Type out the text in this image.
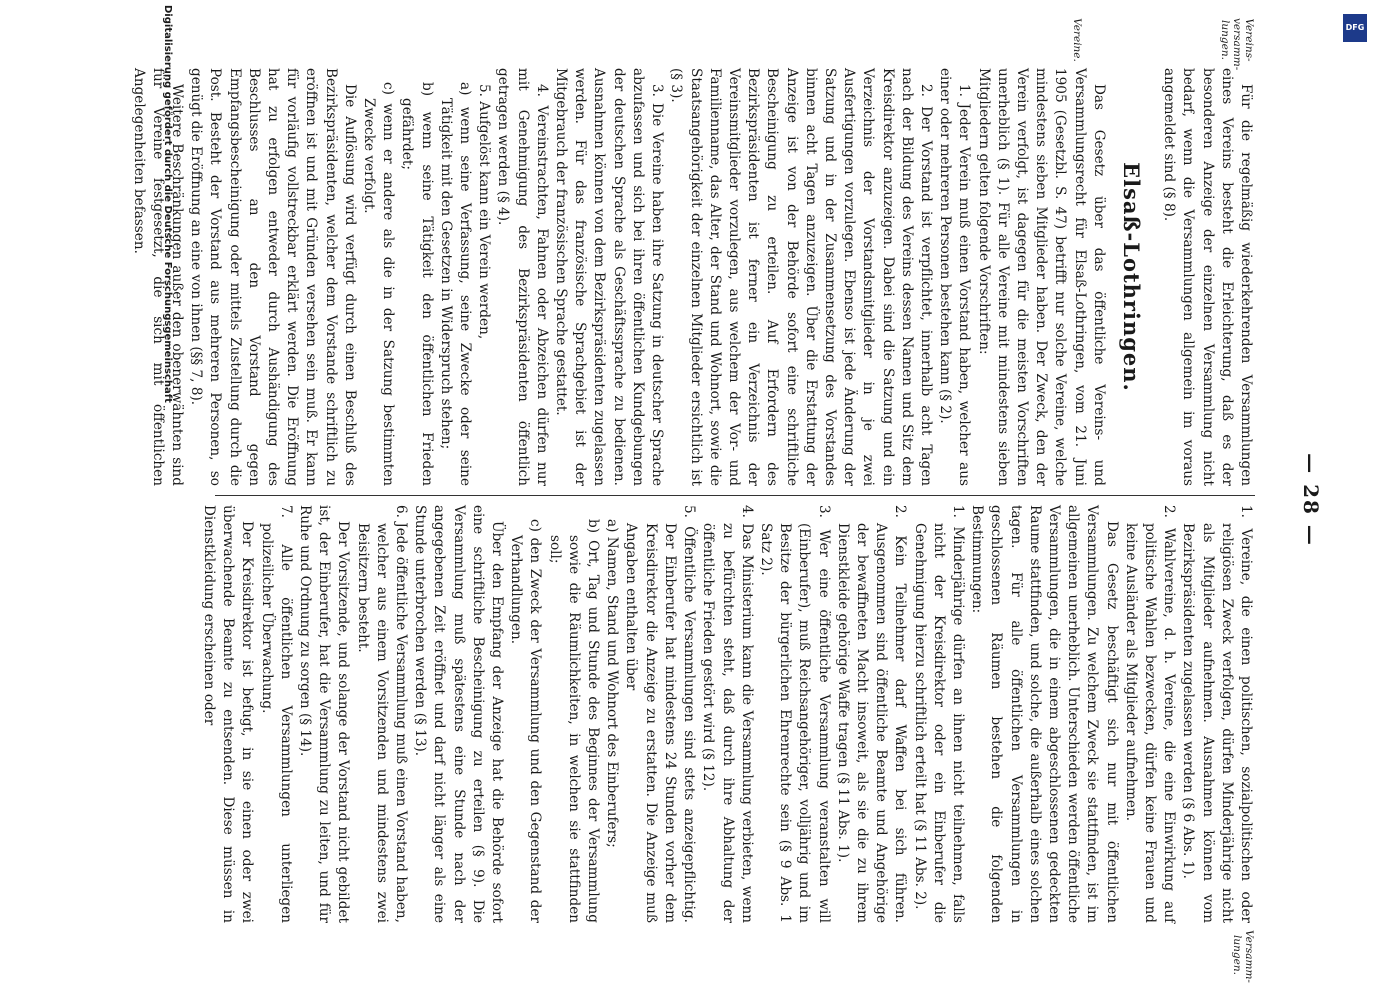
— 28 —
Vereins-versamm-lungen.
Vereine.

Für die regelmäßig wiederkehrenden Versammlungen eines Vereins besteht die Erleichterung, daß es der besonderen Anzeige der einzelnen Versammlung nicht bedarf, wenn die Versammlungen allgemein im voraus angemeldet sind (§ 8).

Elsaß-Lothringen.

Das Gesetz über das öffentliche Vereins- und Versammlungsrecht für Elsaß-Lothringen, vom 21. Juni 1905 (Gesetzbl. S. 47) betrifft nur solche Vereine, welche mindestens sieben Mitglieder haben. Der Zweck, den der Verein verfolgt, ist dagegen für die meisten Vorschriften unerheblich (§ 1). Für alle Vereine mit mindestens sieben Mitgliedern gelten folgende Vorschriften:

1. Jeder Verein muß einen Vorstand haben, welcher aus einer oder mehreren Personen bestehen kann (§ 2).

2. Der Vorstand ist verpflichtet, innerhalb acht Tagen nach der Bildung des Vereins dessen Namen und Sitz dem Kreisdirektor anzuzeigen. Dabei sind die Satzung und ein Verzeichnis der Vorstandsmitglieder in je zwei Ausfertigungen vorzulegen. Ebenso ist jede Änderung der Satzung und in der Zusammensetzung des Vorstandes binnen acht Tagen anzuzeigen. Über die Erstattung der Anzeige ist von der Behörde sofort eine schriftliche Bescheinigung zu erteilen. Auf Erfordern des Bezirkspräsidenten ist ferner ein Verzeichnis der Vereinsmitglieder vorzulegen, aus welchem der Vor- und Familienname, das Alter, der Stand und Wohnort, sowie die Staatsangehörigkeit der einzelnen Mitglieder ersichtlich ist (§ 3).

3. Die Vereine haben ihre Satzung in deutscher Sprache abzufassen und sich bei ihren öffentlichen Kundgebungen der deutschen Sprache als Geschäftssprache zu bedienen. Ausnahmen können von dem Bezirkspräsidenten zugelassen werden. Für das französische Sprachgebiet ist der Mitgebrauch der französischen Sprache gestattet.

4. Vereinstrachten, Fahnen oder Abzeichen dürfen nur mit Genehmigung des Bezirkspräsidenten öffentlich getragen werden (§ 4).

5. Aufgelöst kann ein Verein werden,

a) wenn seine Verfassung, seine Zwecke oder seine Tätigkeit mit den Gesetzen in Widerspruch stehen;

b) wenn seine Tätigkeit den öffentlichen Frieden gefährdet;

c) wenn er andere als die in der Satzung bestimmten Zwecke verfolgt.

Die Auflösung wird verfügt durch einen Beschluß des Bezirkspräsidenten, welcher dem Vorstande schriftlich zu eröffnen ist und mit Gründen versehen sein muß. Er kann für vorläufig vollstreckbar erklärt werden. Die Eröffnung hat zu erfolgen entweder durch Aushändigung des Beschlusses an den Vorstand gegen Empfangsbescheinigung oder mittels Zustellung durch die Post. Besteht der Vorstand aus mehreren Personen, so genügt die Eröffnung an eine von ihnen (§§ 7, 8).

Weitere Beschränkungen außer den obenerwähnten sind für Vereine festgesetzt, die sich mit öffentlichen Angelegenheiten befassen.

1. Vereine, die einen politischen, sozialpolitischen oder religiösen Zweck verfolgen, dürfen Minderjährige nicht als Mitglieder aufnehmen. Ausnahmen können vom Bezirkspräsidenten zugelassen werden (§ 6 Abs. 1).

2. Wahlvereine, d. h. Vereine, die eine Einwirkung auf politische Wahlen bezwecken, dürfen keine Frauen und keine Ausländer als Mitglieder aufnehmen.

Das Gesetz beschäftigt sich nur mit öffentlichen Versammlungen. Zu welchem Zweck sie stattfinden, ist im allgemeinen unerheblich. Unterschieden werden öffentliche Versammlungen, die in einem abgeschlossenen gedeckten Raume stattfinden, und solche, die außerhalb eines solchen tagen. Für alle öffentlichen Versammlungen in geschlossenen Räumen bestehen die folgenden Bestimmungen:

1. Minderjährige dürfen an ihnen nicht teilnehmen, falls nicht der Kreisdirektor oder ein Einberufer die Genehmigung hierzu schriftlich erteilt hat (§ 11 Abs. 2).

2. Kein Teilnehmer darf Waffen bei sich führen. Ausgenommen sind öffentliche Beamte und Angehörige der bewaffneten Macht insoweit, als sie die zu ihrem Dienstkleide gehörige Waffe tragen (§ 11 Abs. 1).

3. Wer eine öffentliche Versammlung veranstalten will (Einberufer), muß Reichsangehöriger, volljährig und im Besitze der bürgerlichen Ehrenrechte sein (§ 9 Abs. 1 Satz 2).

4. Das Ministerium kann die Versammlung verbieten, wenn zu befürchten steht, daß durch ihre Abhaltung der öffentliche Frieden gestört wird (§ 12).

5. Öffentliche Versammlungen sind stets anzeigepflichtig. Der Einberufer hat mindestens 24 Stunden vorher dem Kreisdirektor die Anzeige zu erstatten. Die Anzeige muß Angaben enthalten über

a) Namen, Stand und Wohnort des Einberufers;

b) Ort, Tag und Stunde des Beginnes der Versammlung sowie die Räumlichkeiten, in welchen sie stattfinden soll;

c) den Zweck der Versammlung und den Gegenstand der Verhandlungen.

Über den Empfang der Anzeige hat die Behörde sofort eine schriftliche Bescheinigung zu erteilen (§ 9). Die Versammlung muß spätestens eine Stunde nach der angegebenen Zeit eröffnet und darf nicht länger als eine Stunde unterbrochen werden (§ 13).

6. Jede öffentliche Versammlung muß einen Vorstand haben, welcher aus einem Vorsitzenden und mindestens zwei Beisitzern besteht.

Der Vorsitzende, und solange der Vorstand nicht gebildet ist, der Einberufer, hat die Versammlung zu leiten, und für Ruhe und Ordnung zu sorgen (§ 14).

7. Alle öffentlichen Versammlungen unterliegen polizeilicher Überwachung.

Der Kreisdirektor ist befugt, in sie einen oder zwei überwachende Beamte zu entsenden. Diese müssen in Dienstkleidung erscheinen oder

Versamm-lungen.
Digitalisierung gefördert durch die Deutsche Forschungsgemeinschaft	DFG
